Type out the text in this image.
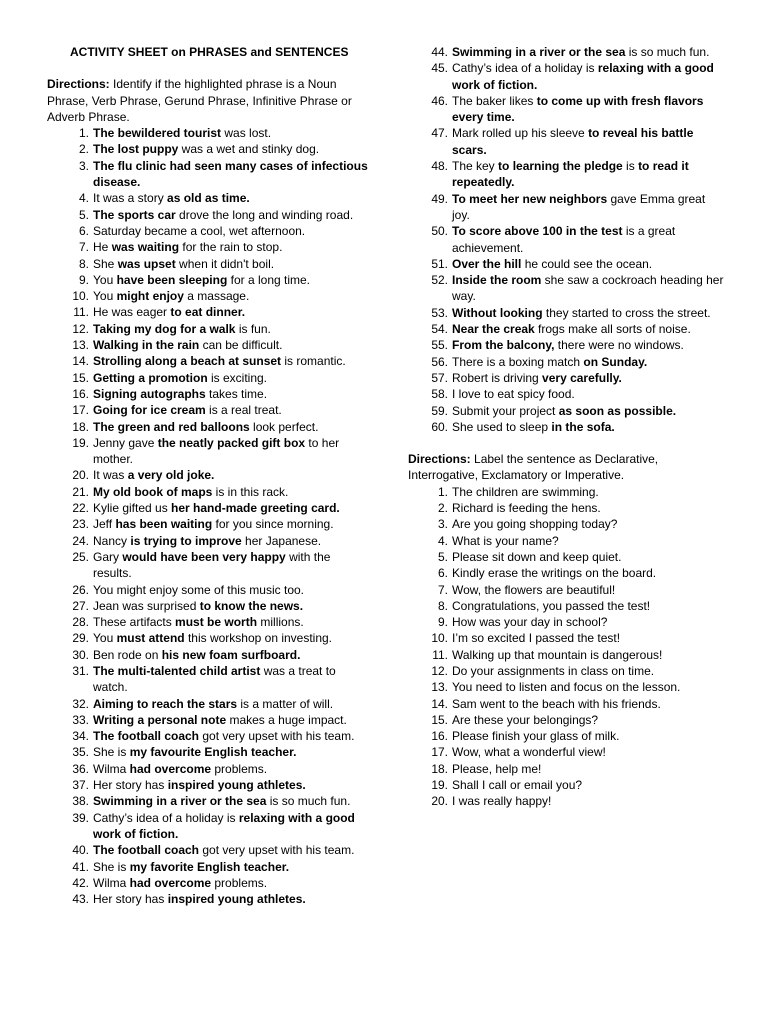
ACTIVITY SHEET on PHRASES and SENTENCES

Directions: Identify if the highlighted phrase is a Noun Phrase, Verb Phrase, Gerund Phrase, Infinitive Phrase or Adverb Phrase.

1. The bewildered tourist was lost.
2. The lost puppy was a wet and stinky dog.
3. The flu clinic had seen many cases of infectious disease.
4. It was a story as old as time.
5. The sports car drove the long and winding road.
6. Saturday became a cool, wet afternoon.
7. He was waiting for the rain to stop.
8. She was upset when it didn't boil.
9. You have been sleeping for a long time.
10. You might enjoy a massage.
11. He was eager to eat dinner.
12. Taking my dog for a walk is fun.
13. Walking in the rain can be difficult.
14. Strolling along a beach at sunset is romantic.
15. Getting a promotion is exciting.
16. Signing autographs takes time.
17. Going for ice cream is a real treat.
18. The green and red balloons look perfect.
19. Jenny gave the neatly packed gift box to her mother.
20. It was a very old joke.
21. My old book of maps is in this rack.
22. Kylie gifted us her hand-made greeting card.
23. Jeff has been waiting for you since morning.
24. Nancy is trying to improve her Japanese.
25. Gary would have been very happy with the results.
26. You might enjoy some of this music too.
27. Jean was surprised to know the news.
28. These artifacts must be worth millions.
29. You must attend this workshop on investing.
30. Ben rode on his new foam surfboard.
31. The multi-talented child artist was a treat to watch.
32. Aiming to reach the stars is a matter of will.
33. Writing a personal note makes a huge impact.
34. The football coach got very upset with his team.
35. She is my favourite English teacher.
36. Wilma had overcome problems.
37. Her story has inspired young athletes.
38. Swimming in a river or the sea is so much fun.
39. Cathy’s idea of a holiday is relaxing with a good work of fiction.
40. The football coach got very upset with his team.
41. She is my favorite English teacher.
42. Wilma had overcome problems.
43. Her story has inspired young athletes.
44. Swimming in a river or the sea is so much fun.
45. Cathy’s idea of a holiday is relaxing with a good work of fiction.
46. The baker likes to come up with fresh flavors every time.
47. Mark rolled up his sleeve to reveal his battle scars.
48. The key to learning the pledge is to read it repeatedly.
49. To meet her new neighbors gave Emma great joy.
50. To score above 100 in the test is a great achievement.
51. Over the hill he could see the ocean.
52. Inside the room she saw a cockroach heading her way.
53. Without looking they started to cross the street.
54. Near the creak frogs make all sorts of noise.
55. From the balcony, there were no windows.
56. There is a boxing match on Sunday.
57. Robert is driving very carefully.
58. I love to eat spicy food.
59. Submit your project as soon as possible.
60. She used to sleep in the sofa.

Directions: Label the sentence as Declarative, Interrogative, Exclamatory or Imperative.

1. The children are swimming.
2. Richard is feeding the hens.
3. Are you going shopping today?
4. What is your name?
5. Please sit down and keep quiet.
6. Kindly erase the writings on the board.
7. Wow, the flowers are beautiful!
8. Congratulations, you passed the test!
9. How was your day in school?
10. I’m so excited I passed the test!
11. Walking up that mountain is dangerous!
12. Do your assignments in class on time.
13. You need to listen and focus on the lesson.
14. Sam went to the beach with his friends.
15. Are these your belongings?
16. Please finish your glass of milk.
17. Wow, what a wonderful view!
18. Please, help me!
19. Shall I call or email you?
20. I was really happy!
